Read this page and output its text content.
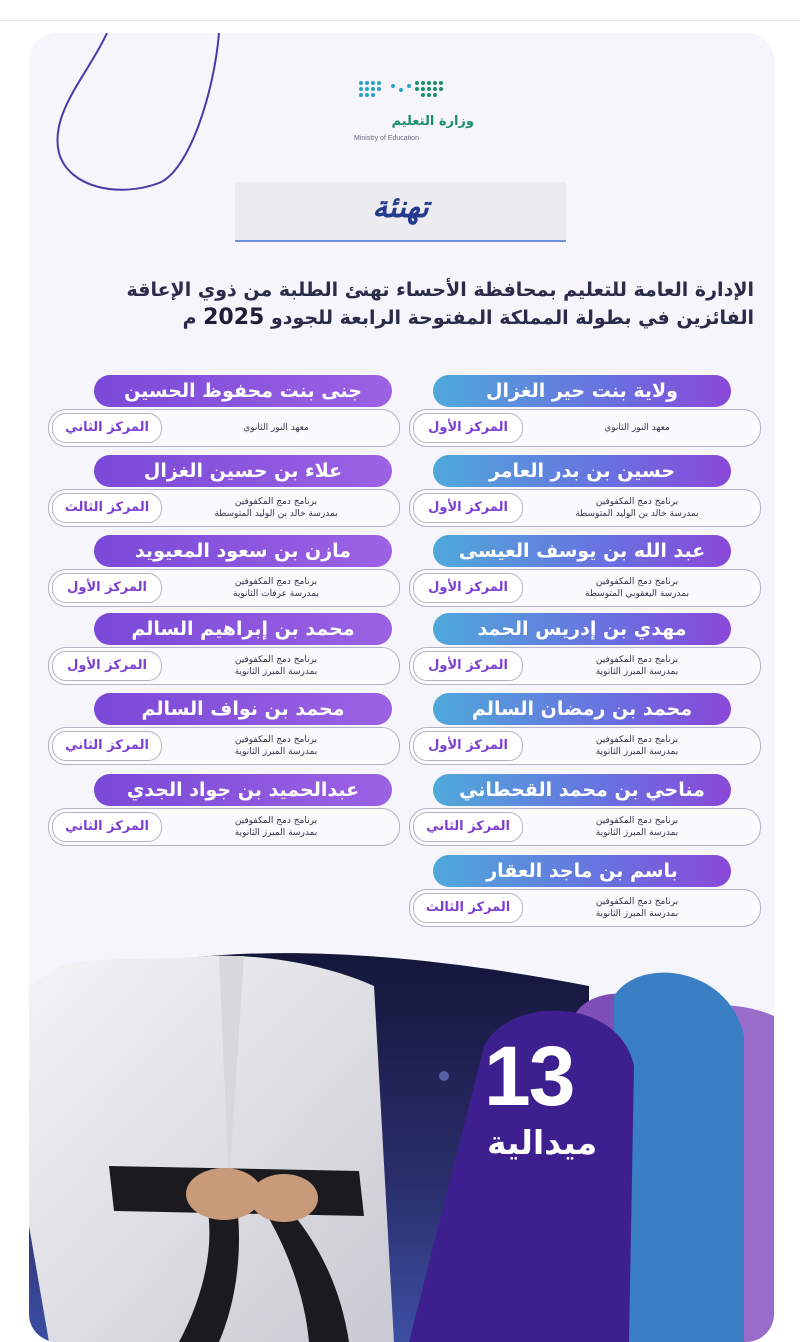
وزارة التعليم
Ministry of Education
تهنئة
الإدارة العامة للتعليم بمحافظة الأحساء تهنئ الطلبة من ذوي الإعاقة
الفائزين في بطولة المملكة المفتوحة الرابعة للجودو 2025 م
ولاية بنت حير الغزال
معهد النور الثانوي
المركز الأول
جنى بنت محفوظ الحسين
معهد النور الثانوي
المركز الثاني
حسين بن بدر العامر
برنامج دمج المكفوفين
بمدرسة خالد بن الوليد المتوسطة
المركز الأول
علاء بن حسين الغزال
برنامج دمج المكفوفين
بمدرسة خالد بن الوليد المتوسطة
المركز الثالث
عبد الله بن يوسف العيسى
برنامج دمج المكفوفين
بمدرسة اليعقوبي المتوسطة
المركز الأول
مازن بن سعود المعيويد
برنامج دمج المكفوفين
بمدرسة عرفات الثانوية
المركز الأول
مهدي بن إدريس الحمد
برنامج دمج المكفوفين
بمدرسة المبرز الثانوية
المركز الأول
محمد بن إبراهيم السالم
برنامج دمج المكفوفين
بمدرسة المبرز الثانوية
المركز الأول
محمد بن رمضان السالم
برنامج دمج المكفوفين
بمدرسة المبرز الثانوية
المركز الأول
محمد بن نواف السالم
برنامج دمج المكفوفين
بمدرسة المبرز الثانوية
المركز الثاني
مناحي بن محمد القحطاني
برنامج دمج المكفوفين
بمدرسة المبرز الثانوية
المركز الثاني
عبدالحميد بن جواد الجدي
برنامج دمج المكفوفين
بمدرسة المبرز الثانوية
المركز الثاني
باسم بن ماجد العقار
برنامج دمج المكفوفين
بمدرسة المبرز الثانوية
المركز الثالث
13
ميدالية
